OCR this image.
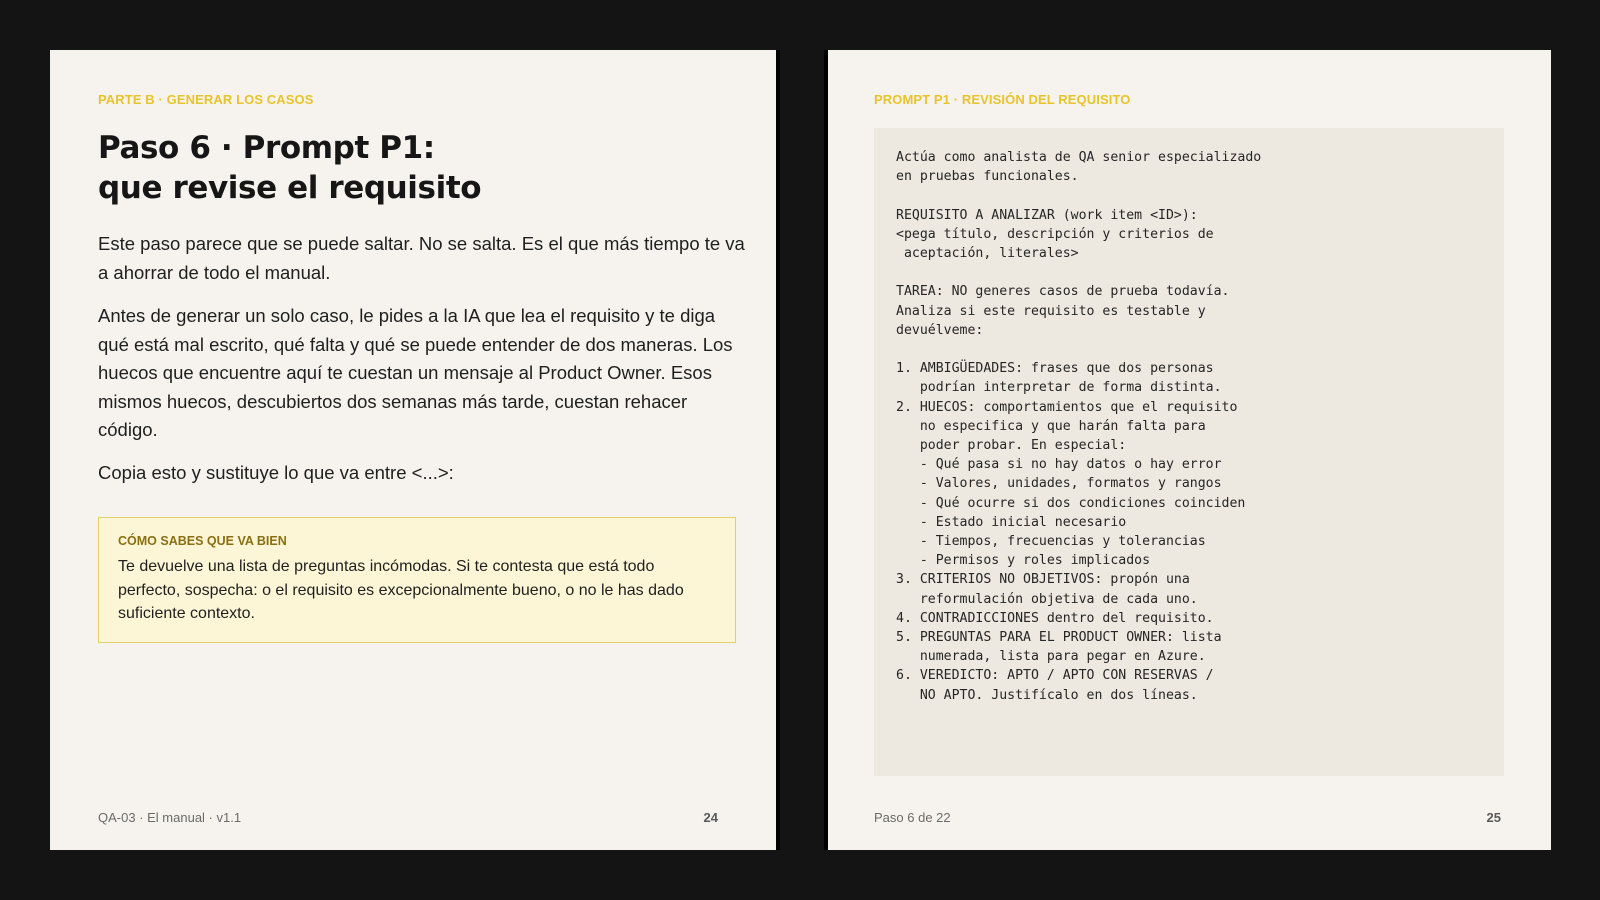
PARTE B · GENERAR LOS CASOS
Paso 6 · Prompt P1:
que revise el requisito

Este paso parece que se puede saltar. No se salta. Es el que más tiempo te va a ahorrar de todo el manual.

Antes de generar un solo caso, le pides a la IA que lea el requisito y te diga qué está mal escrito, qué falta y qué se puede entender de dos maneras. Los huecos que encuentre aquí te cuestan un mensaje al Product Owner. Esos mismos huecos, descubiertos dos semanas más tarde, cuestan rehacer código.

Copia esto y sustituye lo que va entre <...>:

CÓMO SABES QUE VA BIEN

Te devuelve una lista de preguntas incómodas. Si te contesta que está todo perfecto, sospecha: o el requisito es excepcionalmente bueno, o no le has dado suficiente contexto.

QA-03 · El manual · v1.1	24
PROMPT P1 · REVISIÓN DEL REQUISITO
Actúa como analista de QA senior especializado
en pruebas funcionales.

REQUISITO A ANALIZAR (work item <ID>):
<pega título, descripción y criterios de
aceptación, literales>

TAREA: NO generes casos de prueba todavía.
Analiza si este requisito es testable y
devuélveme:

1. AMBIGÜEDADES: frases que dos personas
podrían interpretar de forma distinta.
2. HUECOS: comportamientos que el requisito
no especifica y que harán falta para
poder probar. En especial:
- Qué pasa si no hay datos o hay error
- Valores, unidades, formatos y rangos
- Qué ocurre si dos condiciones coinciden
- Estado inicial necesario
- Tiempos, frecuencias y tolerancias
- Permisos y roles implicados
3. CRITERIOS NO OBJETIVOS: propón una
reformulación objetiva de cada uno.
4. CONTRADICCIONES dentro del requisito.
5. PREGUNTAS PARA EL PRODUCT OWNER: lista
numerada, lista para pegar en Azure.
6. VEREDICTO: APTO / APTO CON RESERVAS /
NO APTO. Justifícalo en dos líneas.
Paso 6 de 22	25
